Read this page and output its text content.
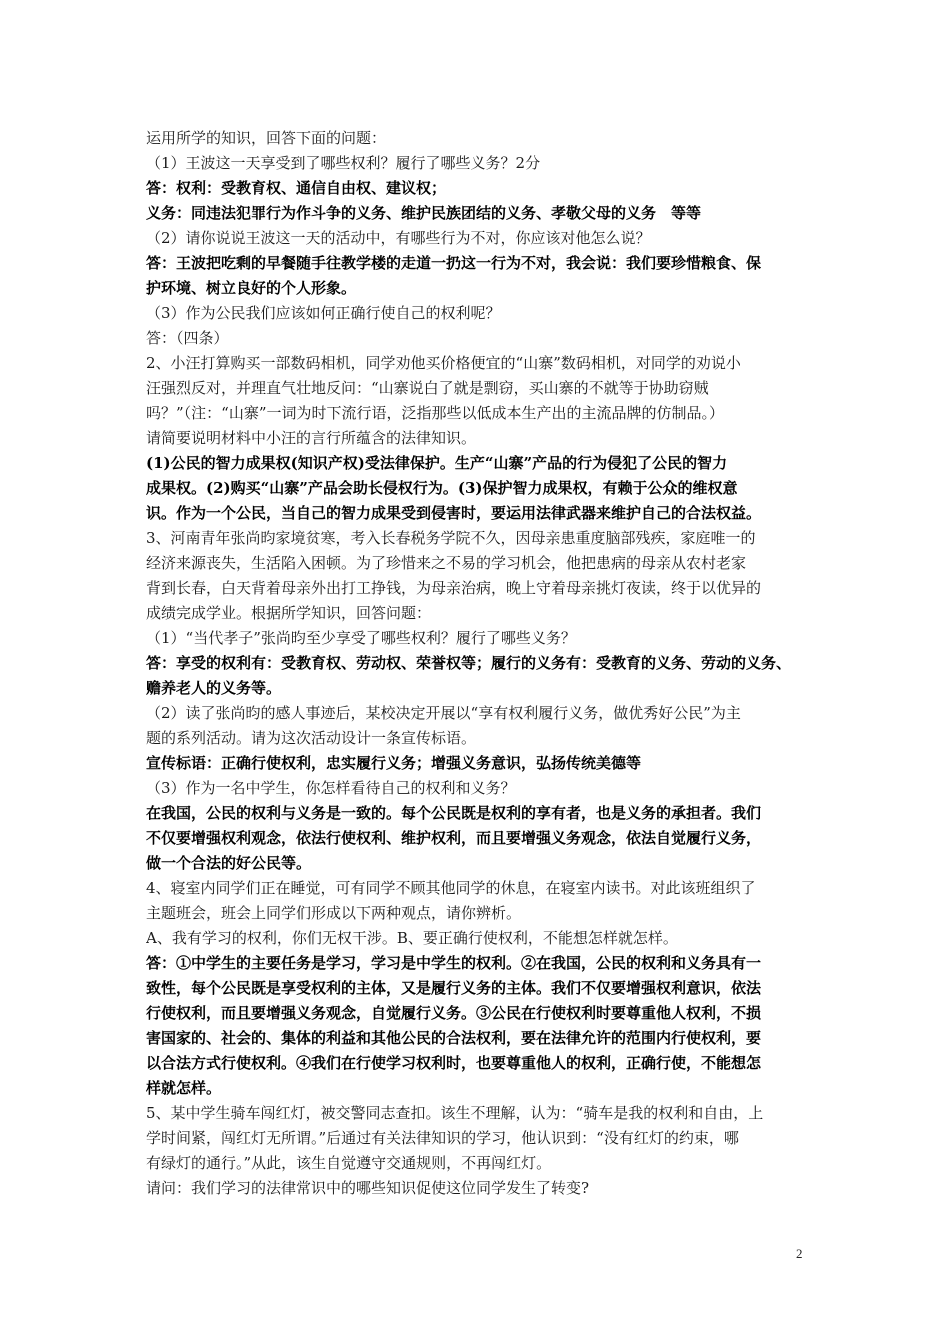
运用所学的知识，回答下面的问题：
（1）王波这一天享受到了哪些权利？履行了哪些义务？2分
答：权利：受教育权、通信自由权、建议权；
义务：同违法犯罪行为作斗争的义务、维护民族团结的义务、孝敬父母的义务　等等
（2）请你说说王波这一天的活动中，有哪些行为不对，你应该对他怎么说？
答：王波把吃剩的早餐随手往教学楼的走道一扔这一行为不对，我会说：我们要珍惜粮食、保
护环境、树立良好的个人形象。
（3）作为公民我们应该如何正确行使自己的权利呢？
答：（四条）
2、小汪打算购买一部数码相机，同学劝他买价格便宜的“山寨”数码相机，对同学的劝说小
汪强烈反对，并理直气壮地反问：“山寨说白了就是剽窃，买山寨的不就等于协助窃贼
吗？”（注：“山寨”一词为时下流行语，泛指那些以低成本生产出的主流品牌的仿制品。）
请简要说明材料中小汪的言行所蕴含的法律知识。
(1)公民的智力成果权(知识产权)受法律保护。生产“山寨”产品的行为侵犯了公民的智力
成果权。(2)购买“山寨”产品会助长侵权行为。(3)保护智力成果权，有赖于公众的维权意
识。作为一个公民，当自己的智力成果受到侵害时，要运用法律武器来维护自己的合法权益。
3、河南青年张尚昀家境贫寒，考入长春税务学院不久，因母亲患重度脑部残疾，家庭唯一的
经济来源丧失，生活陷入困顿。为了珍惜来之不易的学习机会，他把患病的母亲从农村老家
背到长春，白天背着母亲外出打工挣钱，为母亲治病，晚上守着母亲挑灯夜读，终于以优异的
成绩完成学业。根据所学知识，回答问题：
（1）“当代孝子”张尚昀至少享受了哪些权利？履行了哪些义务？
答：享受的权利有：受教育权、劳动权、荣誉权等；履行的义务有：受教育的义务、劳动的义务、
赡养老人的义务等。
（2）读了张尚昀的感人事迹后，某校决定开展以“享有权利履行义务，做优秀好公民”为主
题的系列活动。请为这次活动设计一条宣传标语。
宣传标语：正确行使权利，忠实履行义务；增强义务意识，弘扬传统美德等
（3）作为一名中学生，你怎样看待自己的权利和义务？
在我国，公民的权利与义务是一致的。每个公民既是权利的享有者，也是义务的承担者。我们
不仅要增强权利观念，依法行使权利、维护权利，而且要增强义务观念，依法自觉履行义务，
做一个合法的好公民等。
4、寝室内同学们正在睡觉，可有同学不顾其他同学的休息，在寝室内读书。对此该班组织了
主题班会，班会上同学们形成以下两种观点，请你辨析。
A、我有学习的权利，你们无权干涉。B、要正确行使权利，不能想怎样就怎样。
答：①中学生的主要任务是学习，学习是中学生的权利。②在我国，公民的权利和义务具有一
致性，每个公民既是享受权利的主体，又是履行义务的主体。我们不仅要增强权利意识，依法
行使权利，而且要增强义务观念，自觉履行义务。③公民在行使权利时要尊重他人权利，不损
害国家的、社会的、集体的利益和其他公民的合法权利，要在法律允许的范围内行使权利，要
以合法方式行使权利。④我们在行使学习权利时，也要尊重他人的权利，正确行使，不能想怎
样就怎样。
5、某中学生骑车闯红灯，被交警同志查扣。该生不理解，认为：“骑车是我的权利和自由，上
学时间紧，闯红灯无所谓。”后通过有关法律知识的学习，他认识到：“没有红灯的约束，哪
有绿灯的通行。”从此，该生自觉遵守交通规则，不再闯红灯。
请问：我们学习的法律常识中的哪些知识促使这位同学发生了转变?
2
